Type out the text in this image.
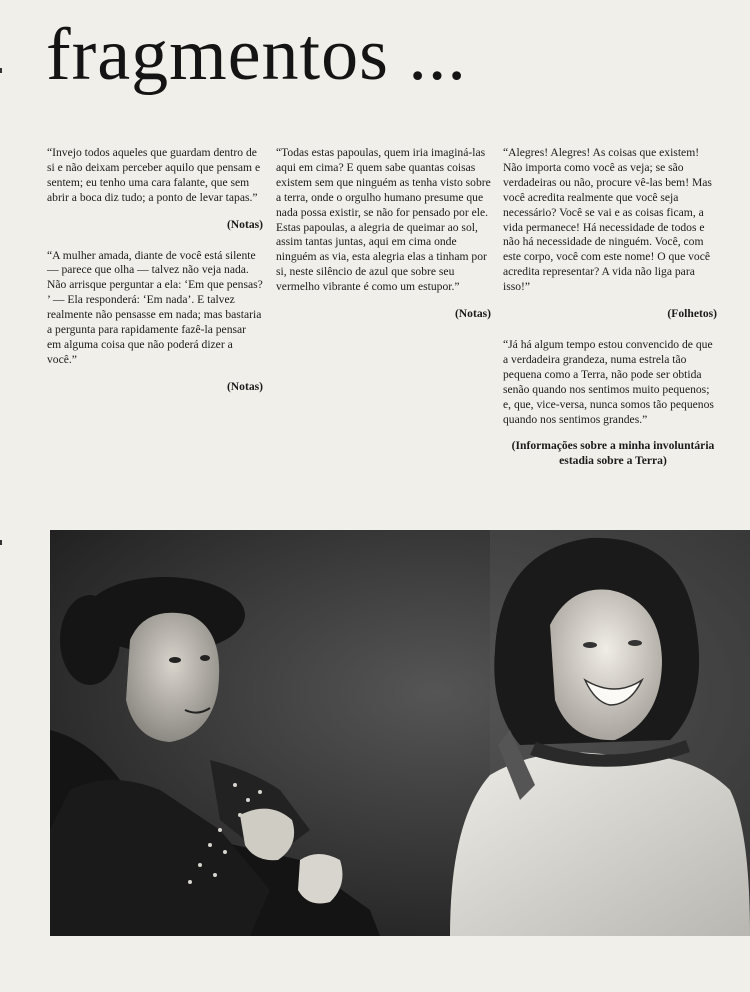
fragmentos ...

“Invejo todos aqueles que guardam dentro de si e não deixam perceber aquilo que pensam e sentem; eu tenho uma cara falante, que sem abrir a boca diz tudo; a ponto de levar tapas.”

(Notas)

“A mulher amada, diante de você está silente — parece que olha — talvez não veja nada. Não arrisque perguntar a ela: ‘Em que pensas? ’ — Ela responderá: ‘Em nada’. E talvez realmente não pensasse em nada; mas bastaria a pergunta para rapidamente fazê-la pensar em alguma coisa que não poderá dizer a você.”

(Notas)

“Todas estas papoulas, quem iria imaginá-las aqui em cima? E quem sabe quantas coisas existem sem que ninguém as tenha visto sobre a terra, onde o orgulho humano presume que nada possa existir, se não for pensado por ele. Estas papoulas, a alegria de queimar ao sol, assim tantas juntas, aqui em cima onde ninguém as via, esta alegria elas a tinham por si, neste silêncio de azul que sobre seu vermelho vibrante é como um estupor.”

(Notas)

“Alegres! Alegres! As coisas que existem! Não importa como você as veja; se são verdadeiras ou não, procure vê-las bem! Mas você acredita realmente que você seja necessário? Você se vai e as coisas ficam, a vida permanece! Há necessidade de todos e não há necessidade de ninguém. Você, com este corpo, você com este nome! O que você acredita representar? A vida não liga para isso!”

(Folhetos)

“Já há algum tempo estou convencido de que a verdadeira grandeza, numa estrela tão pequena como a Terra, não pode ser obtida senão quando nos sentimos muito pequenos; e, que, vice-versa, nunca somos tão pequenos quando nos sentimos grandes.”

(Informações sobre a minha involuntária estadia sobre a Terra)
